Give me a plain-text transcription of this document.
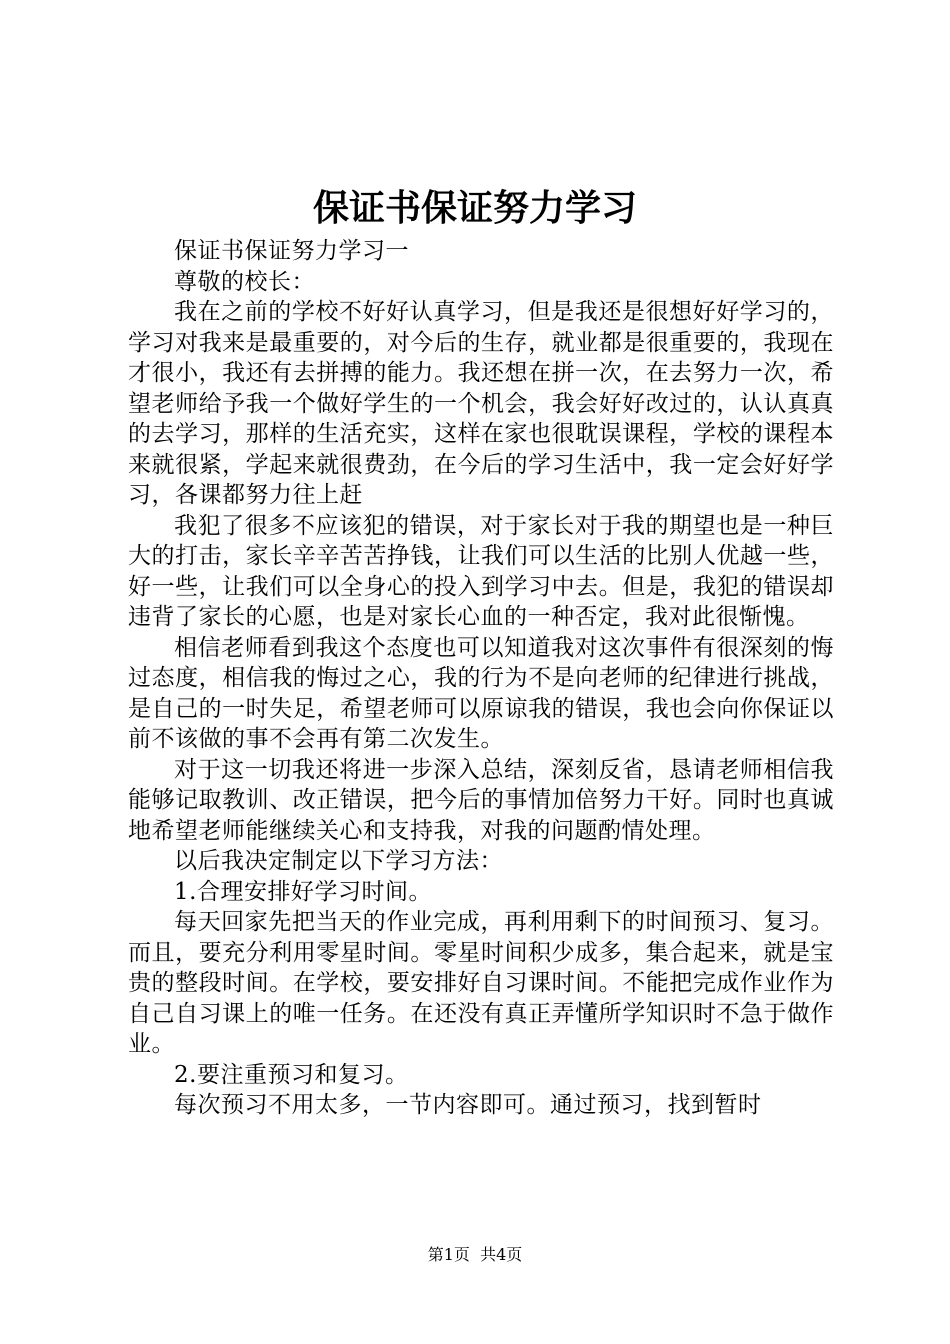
保证书保证努力学习

保证书保证努力学习一

尊敬的校长：

我在之前的学校不好好认真学习，但是我还是很想好好学习的，学习对我来是最重要的，对今后的生存，就业都是很重要的，我现在才很小，我还有去拼搏的能力。我还想在拼一次，在去努力一次，希望老师给予我一个做好学生的一个机会，我会好好改过的，认认真真的去学习，那样的生活充实，这样在家也很耽误课程，学校的课程本来就很紧，学起来就很费劲，在今后的学习生活中，我一定会好好学习，各课都努力往上赶

我犯了很多不应该犯的错误，对于家长对于我的期望也是一种巨大的打击，家长辛辛苦苦挣钱，让我们可以生活的比别人优越一些，好一些，让我们可以全身心的投入到学习中去。但是，我犯的错误却违背了家长的心愿，也是对家长心血的一种否定，我对此很惭愧。

相信老师看到我这个态度也可以知道我对这次事件有很深刻的悔过态度，相信我的悔过之心，我的行为不是向老师的纪律进行挑战，是自己的一时失足，希望老师可以原谅我的错误，我也会向你保证以前不该做的事不会再有第二次发生。

对于这一切我还将进一步深入总结，深刻反省，恳请老师相信我能够记取教训、改正错误，把今后的事情加倍努力干好。同时也真诚地希望老师能继续关心和支持我，对我的问题酌情处理。

以后我决定制定以下学习方法：

1.合理安排好学习时间。

每天回家先把当天的作业完成，再利用剩下的时间预习、复习。而且，要充分利用零星时间。零星时间积少成多，集合起来，就是宝贵的整段时间。在学校，要安排好自习课时间。不能把完成作业作为自己自习课上的唯一任务。在还没有真正弄懂所学知识时不急于做作业。

2.要注重预习和复习。

每次预习不用太多，一节内容即可。通过预习，找到暂时

第1页 共4页
